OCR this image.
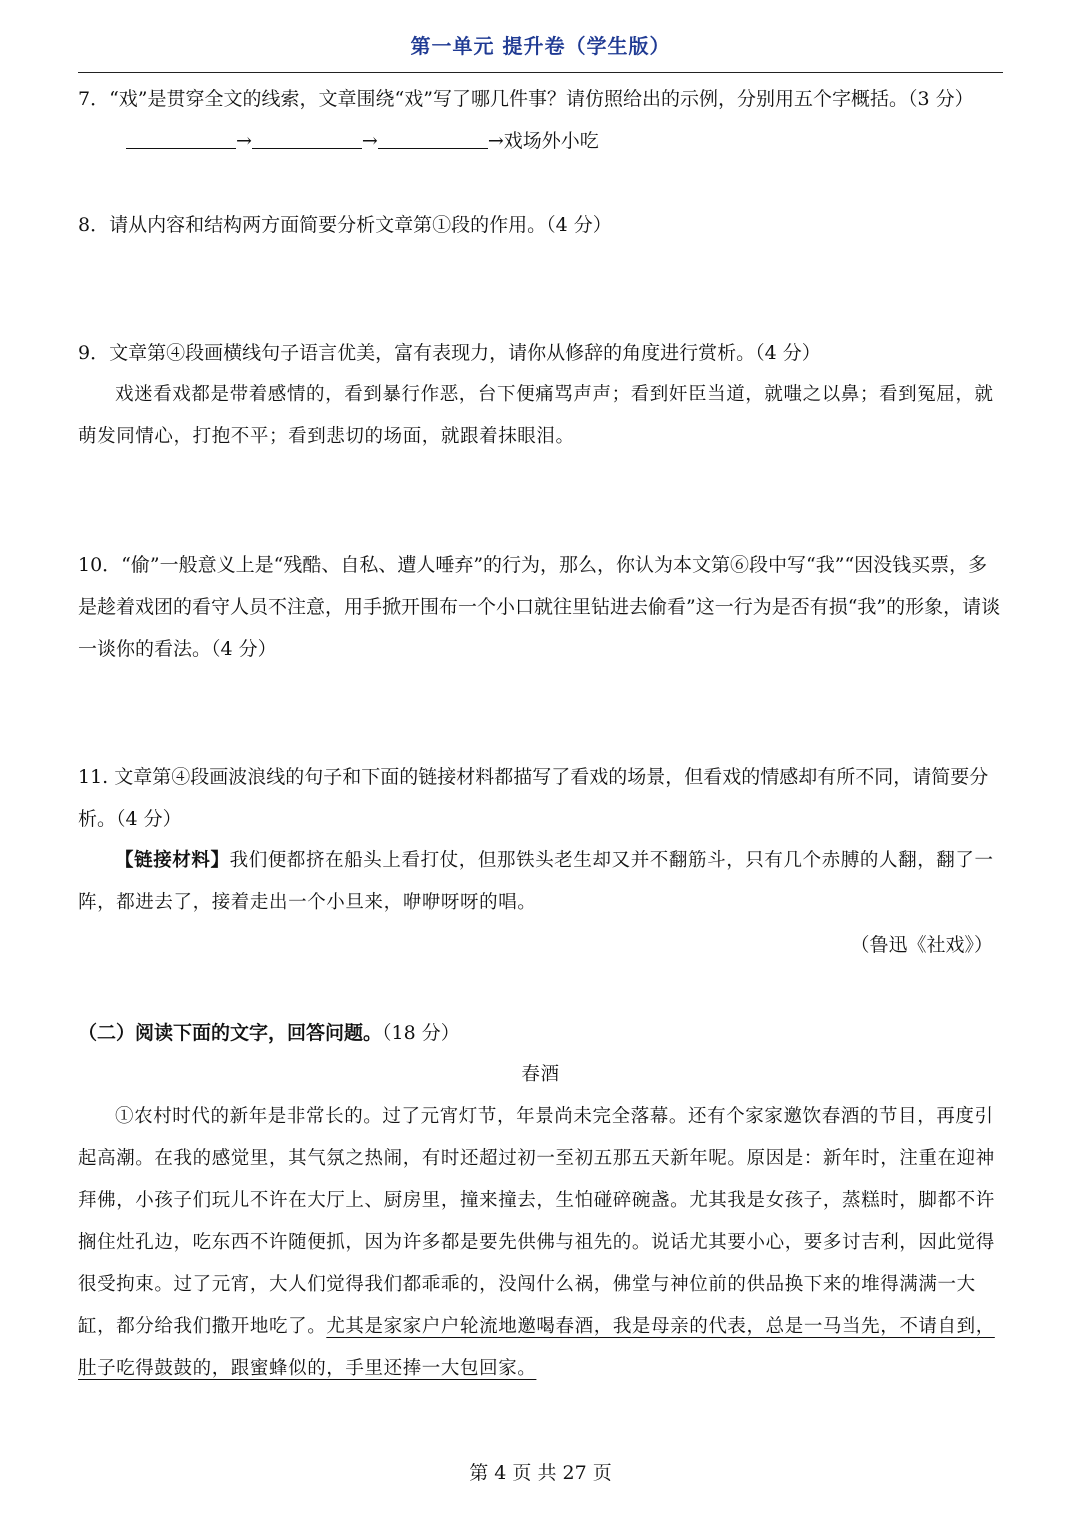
第一单元 提升卷（学生版）

7．“戏”是贯穿全文的线索，文章围绕“戏”写了哪几件事？请仿照给出的示例，分别用五个字概括。（3 分）

→	→	→戏场外小吃

8．请从内容和结构两方面简要分析文章第①段的作用。（4 分）

9．文章第④段画横线句子语言优美，富有表现力，请你从修辞的角度进行赏析。（4 分）

戏迷看戏都是带着感情的，看到暴行作恶，台下便痛骂声声；看到奸臣当道，就嗤之以鼻；看到冤屈，就萌发同情心，打抱不平；看到悲切的场面，就跟着抹眼泪。

10．“偷”一般意义上是“残酷、自私、遭人唾弃”的行为，那么，你认为本文第⑥段中写“我”“因没钱买票，多是趁着戏团的看守人员不注意，用手掀开围布一个小口就往里钻进去偷看”这一行为是否有损“我”的形象，请谈一谈你的看法。（4 分）

11. 文章第④段画波浪线的句子和下面的链接材料都描写了看戏的场景，但看戏的情感却有所不同，请简要分析。（4 分）

【链接材料】我们便都挤在船头上看打仗，但那铁头老生却又并不翻筋斗，只有几个赤膊的人翻，翻了一阵，都进去了，接着走出一个小旦来，咿咿呀呀的唱。

（鲁迅《社戏》）

（二）阅读下面的文字，回答问题。（18 分）

春酒

①农村时代的新年是非常长的。过了元宵灯节，年景尚未完全落幕。还有个家家邀饮春酒的节目，再度引起高潮。在我的感觉里，其气氛之热闹，有时还超过初一至初五那五天新年呢。原因是：新年时，注重在迎神拜佛，小孩子们玩儿不许在大厅上、厨房里，撞来撞去，生怕碰碎碗盏。尤其我是女孩子，蒸糕时，脚都不许搁住灶孔边，吃东西不许随便抓，因为许多都是要先供佛与祖先的。说话尤其要小心，要多讨吉利，因此觉得很受拘束。过了元宵，大人们觉得我们都乖乖的，没闯什么祸，佛堂与神位前的供品换下来的堆得满满一大缸，都分给我们撒开地吃了。尤其是家家户户轮流地邀喝春酒，我是母亲的代表，总是一马当先，不请自到，肚子吃得鼓鼓的，跟蜜蜂似的，手里还捧一大包回家。

第 4 页 共 27 页
